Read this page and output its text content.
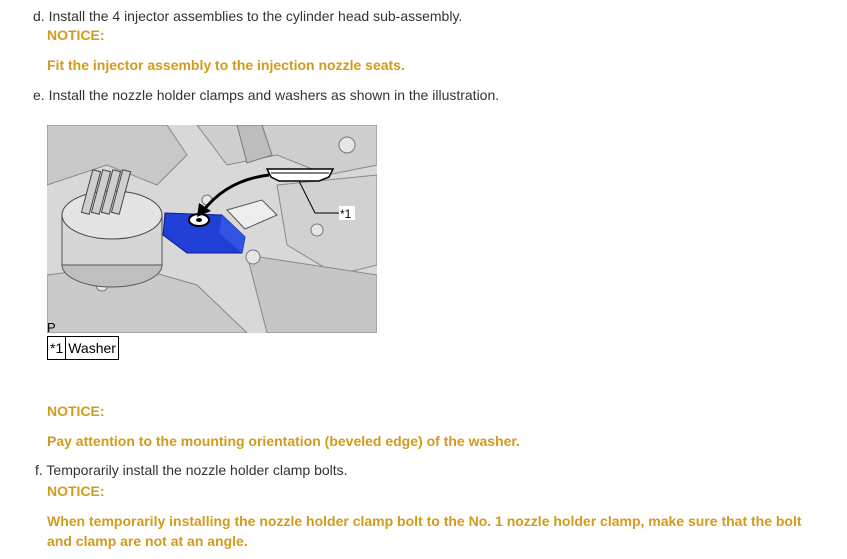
d. Install the 4 injector assemblies to the cylinder head sub-assembly.
NOTICE:
Fit the injector assembly to the injection nozzle seats.
e. Install the nozzle holder clamps and washers as shown in the illustration.
*1
P
*1	Washer
NOTICE:
Pay attention to the mounting orientation (beveled edge) of the washer.
f. Temporarily install the nozzle holder clamp bolts.
NOTICE:
When temporarily installing the nozzle holder clamp bolt to the No. 1 nozzle holder clamp, make sure that the bolt and clamp are not at an angle.
